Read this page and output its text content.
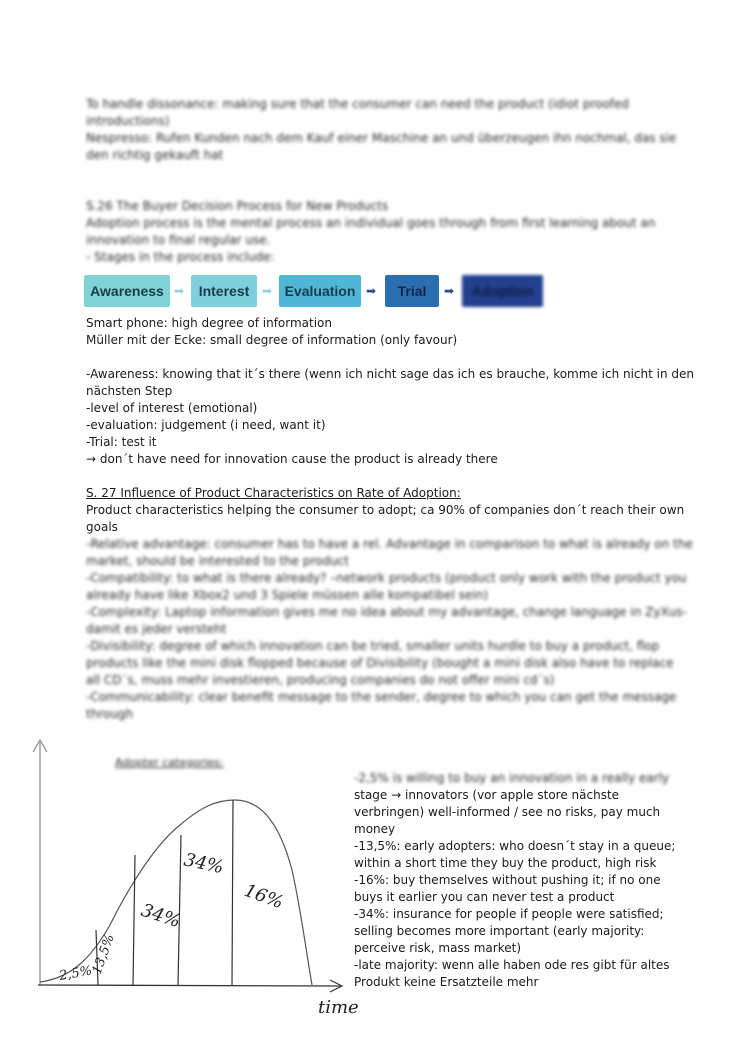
To handle dissonance: making sure that the consumer can need the product (idiot proofed
introductions)
Nespresso: Rufen Kunden nach dem Kauf einer Maschine an und überzeugen ihn nochmal, das sie
den richtig gekauft hat
S.26 The Buyer Decision Process for New Products
Adoption process is the mental process an individual goes through from first learning about an
innovation to final regular use.
- Stages in the process include:
Awareness ➡ Interest ➡ Evaluation ➡ Trial ➡ Adoption
Smart phone: high degree of information
Müller mit der Ecke: small degree of information (only favour)
-Awareness: knowing that it´s there (wenn ich nicht sage das ich es brauche, komme ich nicht in den
nächsten Step
-level of interest (emotional)
-evaluation: judgement (i need, want it)
-Trial: test it
→ don´t have need for innovation cause the product is already there
S. 27 Influence of Product Characteristics on Rate of Adoption:
Product characteristics helping the consumer to adopt; ca 90% of companies don´t reach their own
goals
-Relative advantage: consumer has to have a rel. Advantage in comparison to what is already on the
market, should be interested to the product
-Compatibility: to what is there already? –network products (product only work with the product you
already have like Xbox2 und 3 Spiele müssen alle kompatibel sein)
-Complexity: Laptop information gives me no idea about my advantage, change language in ZyXus-
damit es jeder versteht
-Divisibility: degree of which innovation can be tried, smaller units hurdle to buy a product, flop
products like the mini disk flopped because of Divisibility (bought a mini disk also have to replace
all CD´s, muss mehr investieren, producing companies do not offer mini cd´s)
-Communicability: clear benefit message to the sender, degree to which you can get the message
through
Adopter categories:
-2,5% is willing to buy an innovation in a really early
stage → innovators (vor apple store nächste
verbringen) well-informed / see no risks, pay much
money
-13,5%: early adopters: who doesn´t stay in a queue;
within a short time they buy the product, high risk
-16%: buy themselves without pushing it; if no one
buys it earlier you can never test a product
-34%: insurance for people if people were satisfied;
selling becomes more important (early majority:
perceive risk, mass market)
-late majority: wenn alle haben ode res gibt für altes
Produkt keine Ersatzteile mehr
2,5%
13,5%
34%
34%
16%
time
